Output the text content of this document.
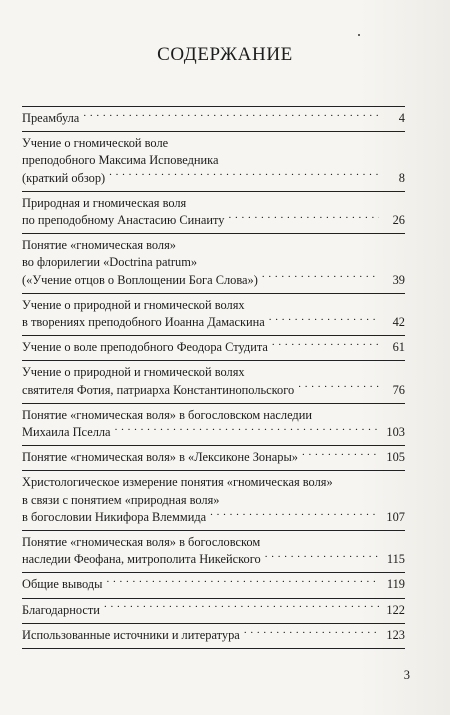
СОДЕРЖАНИЕ
Преамбула . . .	4
Учение о гномической воле
преподобного Максима Исповедника
(краткий обзор) . . .	8
Природная и гномическая воля
по преподобному Анастасию Синаиту . . .	26
Понятие «гномическая воля»
во флорилегии «Doctrina patrum»
(«Учение отцов о Воплощении Бога Слова») . . .	39
Учение о природной и гномической волях
в творениях преподобного Иоанна Дамаскина . . .	42
Учение о воле преподобного Феодора Студита . . .	61
Учение о природной и гномической волях
святителя Фотия, патриарха Константинопольского . . .	76
Понятие «гномическая воля» в богословском наследии
Михаила Пселла . . .	103
Понятие «гномическая воля» в «Лексиконе Зонары» . . .	105
Христологическое измерение понятия «гномическая воля»
в связи с понятием «природная воля»
в богословии Никифора Влеммида . . .	107
Понятие «гномическая воля» в богословском
наследии Феофана, митрополита Никейского . . .	115
Общие выводы . . .	119
Благодарности . . .	122
Использованные источники и литература . . .	123
3
